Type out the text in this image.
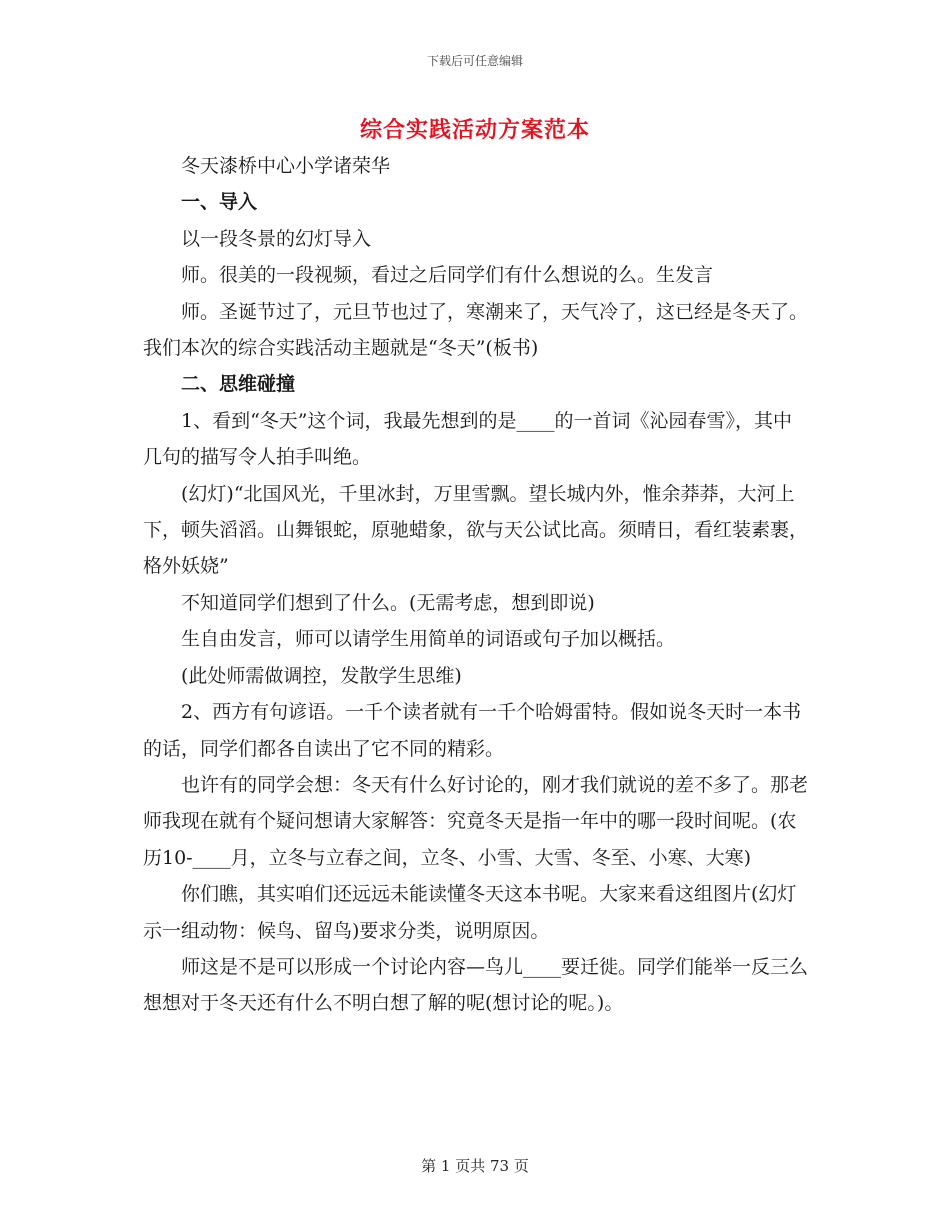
下载后可任意编辑
综合实践活动方案范本

冬天漆桥中心小学诸荣华

一、导入

以一段冬景的幻灯导入

师。很美的一段视频，看过之后同学们有什么想说的么。生发言

师。圣诞节过了，元旦节也过了，寒潮来了，天气冷了，这已经是冬天了。我们本次的综合实践活动主题就是“冬天”(板书)

二、思维碰撞

1、看到“冬天”这个词，我最先想到的是____的一首词《沁园春雪》，其中几句的描写令人拍手叫绝。

(幻灯)“北国风光，千里冰封，万里雪飘。望长城内外，惟余莽莽，大河上下，顿失滔滔。山舞银蛇，原驰蜡象，欲与天公试比高。须晴日，看红装素裹，格外妖娆”

不知道同学们想到了什么。(无需考虑，想到即说)

生自由发言，师可以请学生用简单的词语或句子加以概括。

(此处师需做调控，发散学生思维)

2、西方有句谚语。一千个读者就有一千个哈姆雷特。假如说冬天时一本书的话，同学们都各自读出了它不同的精彩。

也许有的同学会想：冬天有什么好讨论的，刚才我们就说的差不多了。那老师我现在就有个疑问想请大家解答：究竟冬天是指一年中的哪一段时间呢。(农历10-____月，立冬与立春之间，立冬、小雪、大雪、冬至、小寒、大寒)

你们瞧，其实咱们还远远未能读懂冬天这本书呢。大家来看这组图片(幻灯示一组动物：候鸟、留鸟)要求分类，说明原因。

师这是不是可以形成一个讨论内容—鸟儿____要迁徙。同学们能举一反三么想想对于冬天还有什么不明白想了解的呢(想讨论的呢。)。

第 1 页共 73 页
